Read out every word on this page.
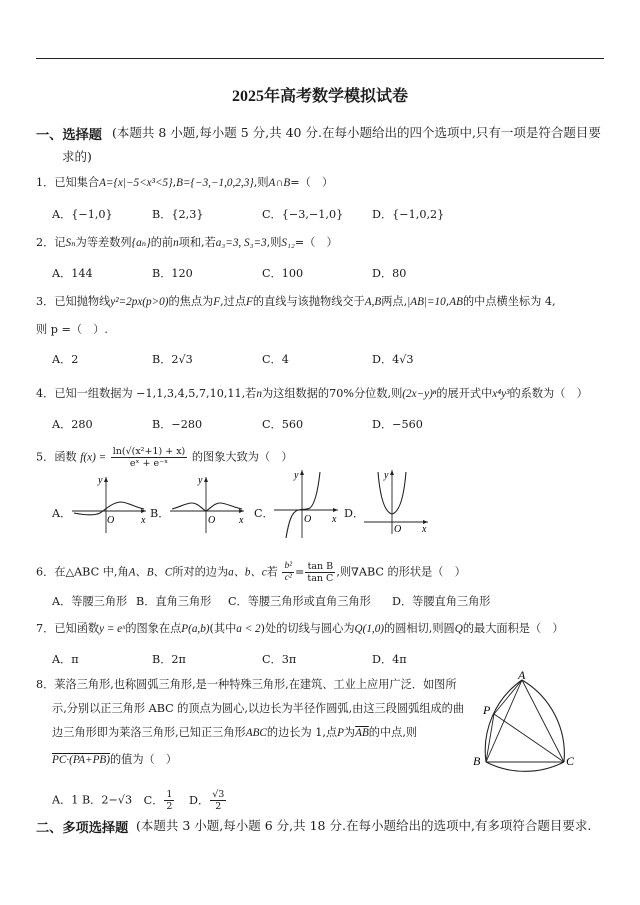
2025年高考数学模拟试卷
一、选择题 (本题共 8 小题,每小题 5 分,共 40 分.在每小题给出的四个选项中,只有一项是符合题目要
求的)
1．已知集合A={x|−5<x³<5},B={−3,−1,0,2,3},则A∩B=（　）
A．{−1,0}	B．{2,3}	C．{−3,−1,0}	D．{−1,0,2}
2．记Sₙ为等差数列{aₙ}的前n项和,若a₃=3, S₃=3,则S₁₂=（　）
A．144	B．120	C．100	D．80
3．已知抛物线y²=2px(p>0)的焦点为F,过点F的直线与该抛物线交于A,B两点,|AB|=10,AB的中点横坐标为 4,
则 p =（　）.
A．2	B．2√3	C．4	D．4√3
4．已知一组数据为 −1,1,3,4,5,7,10,11,若n为这组数据的70%分位数,则(2x−y)ⁿ的展开式中x⁴y³的系数为（　）
A．280	B．−280	C．560	D．−560
5．函数 $f(x) = \frac{\text{ln(√(x²+1) + x)}}{\text{eˣ + e⁻ˣ}}$ 的图象大致为（　）
A．	B．	C．	D．
y
O	x
y
O x
y
O x
y
O x
6．在△ABC 中,角A、B、C所对的边为a、b、c若 $\frac{\text{b²}}{\text{c²}} = \frac{\text{tan B}}{\text{tan C}}$ ,则∇ABC 的形状是（　）
A．等腰三角形 B．直角三角形 C．等腰三角形或直角三角形 D．等腰直角三角形
7．已知函数y = eˣ的图象在点P(a,b)(其中a < 2)处的切线与圆心为Q(1,0)的圆相切,则圆Q的最大面积是（　）
A．π	B．2π	C．3π	D．4π
8．莱洛三角形,也称圆弧三角形,是一种特殊三角形,在建筑、工业上应用广泛．如图所
示,分别以正三角形 ABC 的顶点为圆心,以边长为半径作圆弧,由这三段圆弧组成的曲
边三角形即为莱洛三角形,已知正三角形ABC的边长为 1,点P为$\overline{AB}$的中点,则
PC·(PA+PB)的值为（　）
A．1 B．2−√3 C． $\frac{1}{2}$ D． $\frac{√3}{2}$
A
B	C
P
二、多项选择题 (本题共 3 小题,每小题 6 分,共 18 分.在每小题给出的选项中,有多项符合题目要求.
